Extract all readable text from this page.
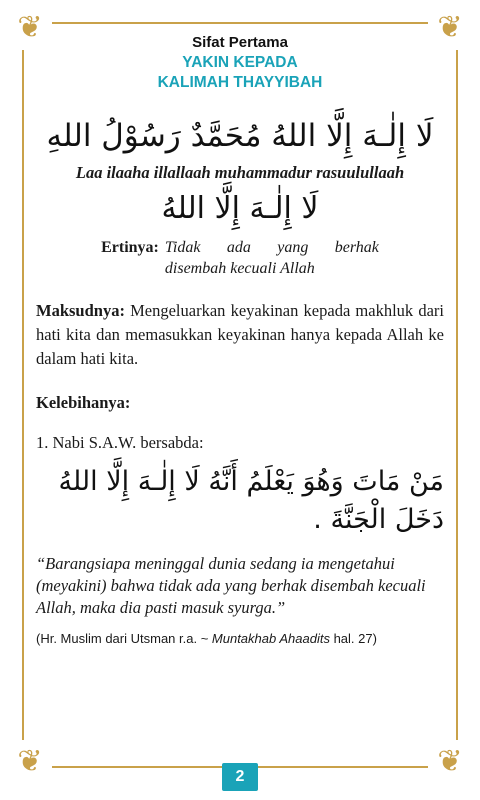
❦	❦
❦	❦

Sifat Pertama

YAKIN KEPADA
KALIMAH THAYYIBAH
لَا إِلٰـهَ إِلَّا اللهُ مُحَمَّدٌ رَسُوْلُ اللهِ
Laa ilaaha illallaah muhammadur rasuulullaah
لَا إِلٰـهَ إِلَّا اللهُ
Ertinya: Tidak ada yang berhak
disembah kecuali Allah
Maksudnya: Mengeluarkan keyakinan kepada makhluk dari hati kita dan memasukkan keyakinan hanya kepada Allah ke dalam hati kita.
Kelebihanya:
1. Nabi S.A.W. bersabda:
مَنْ مَاتَ وَهُوَ يَعْلَمُ أَنَّهُ لَا إِلٰـهَ إِلَّا اللهُ
دَخَلَ الْجَنَّةَ .
“Barangsiapa meninggal dunia sedang ia mengetahui (meyakini) bahwa tidak ada yang berhak disembah kecuali Allah, maka dia pasti masuk syurga.”
(Hr. Muslim dari Utsman r.a. ~ Muntakhab Ahaadits hal. 27)
2
